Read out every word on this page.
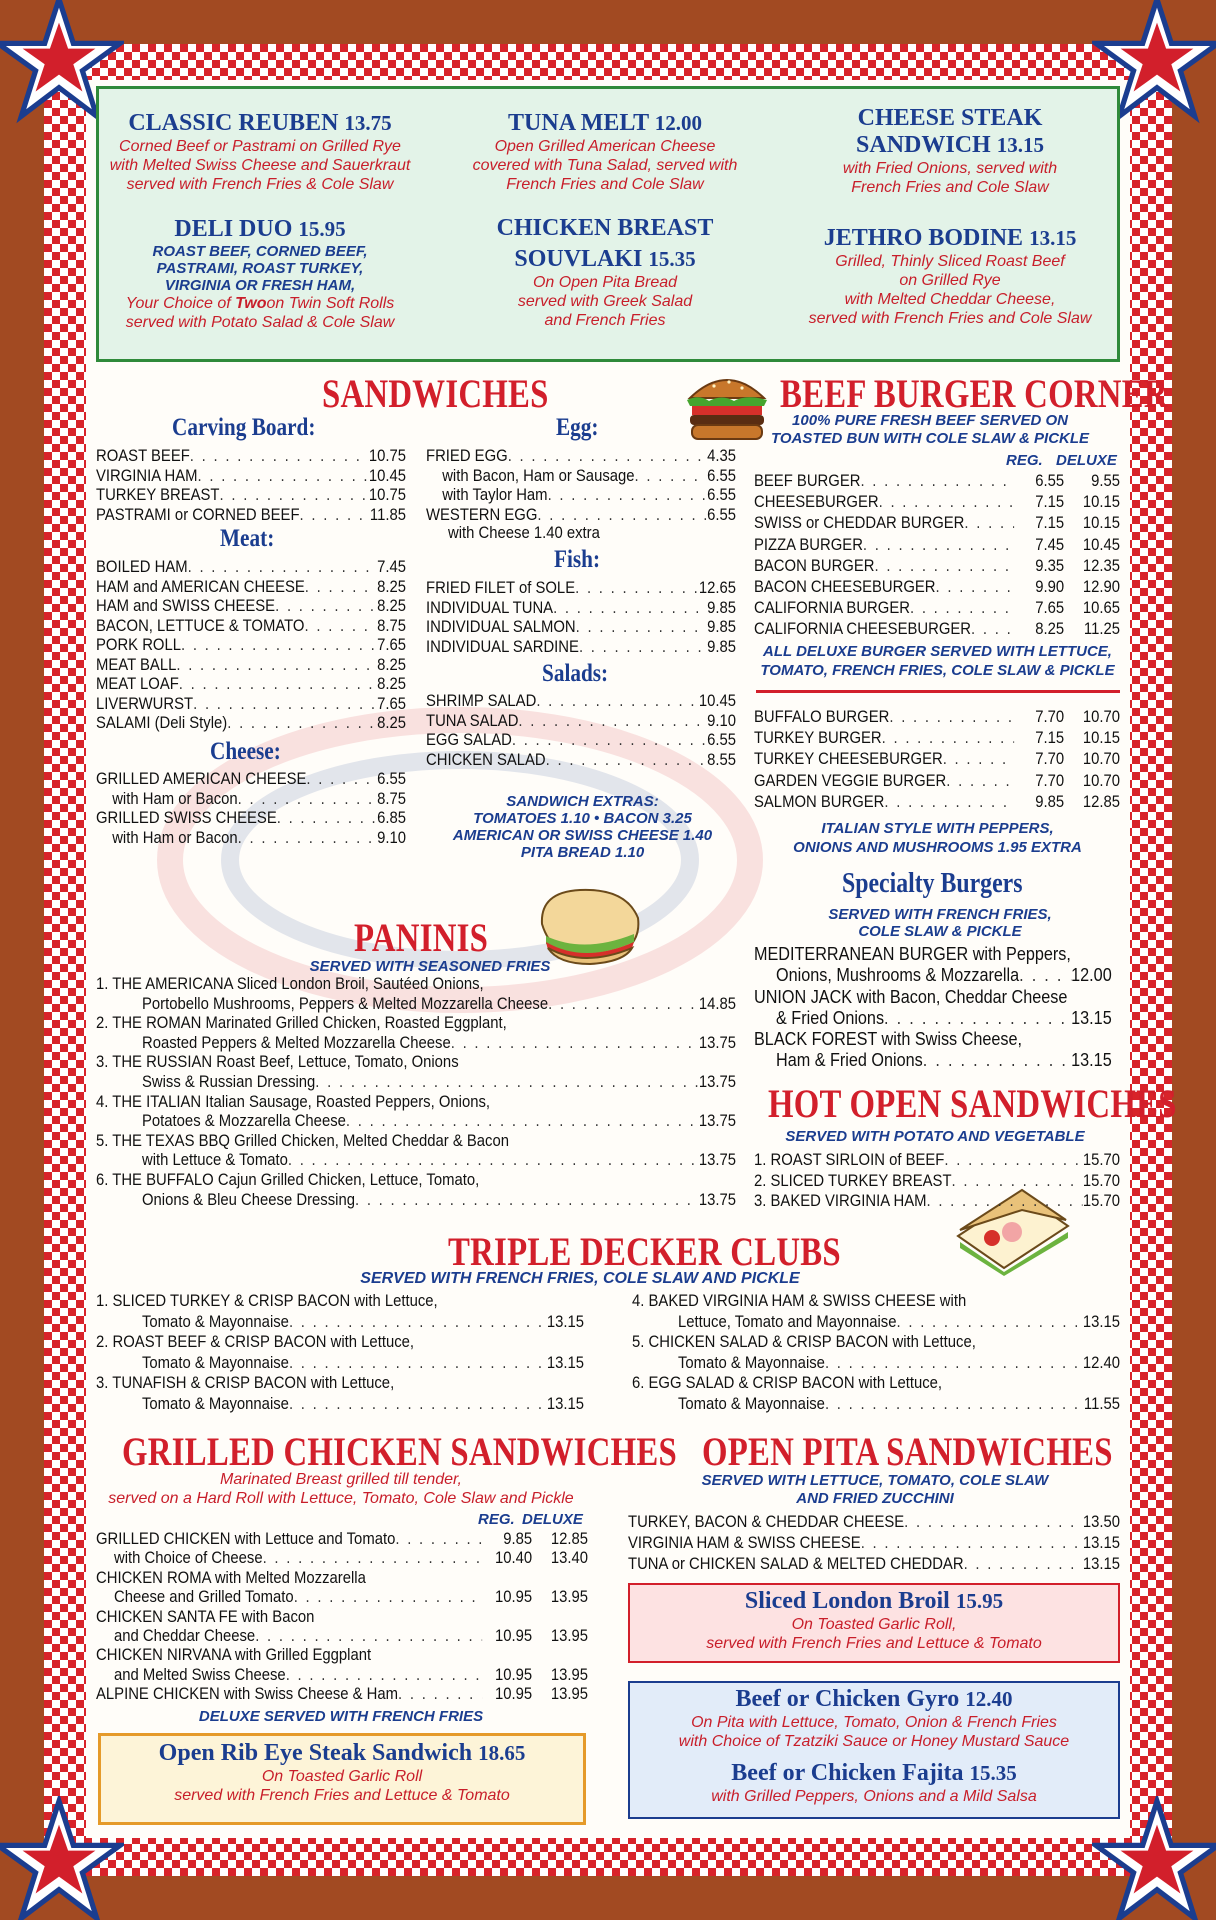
CLASSIC REUBEN 13.75
Corned Beef or Pastrami on Grilled Rye
with Melted Swiss Cheese and Sauerkraut
served with French Fries & Cole Slaw
TUNA MELT 12.00
Open Grilled American Cheese
covered with Tuna Salad, served with
French Fries and Cole Slaw
CHEESE STEAK
SANDWICH 13.15
with Fried Onions, served with
French Fries and Cole Slaw
DELI DUO 15.95
ROAST BEEF, CORNED BEEF,
PASTRAMI, ROAST TURKEY,
VIRGINIA OR FRESH HAM,
Your Choice of Twoon Twin Soft Rolls
served with Potato Salad & Cole Slaw
CHICKEN BREAST
SOUVLAKI 15.35
On Open Pita Bread
served with Greek Salad
and French Fries
JETHRO BODINE 13.15
Grilled, Thinly Sliced Roast Beef
on Grilled Rye
with Melted Cheddar Cheese,
served with French Fries and Cole Slaw
SANDWICHES
Carving Board:
Meat:
Cheese:
Egg:
with Cheese 1.40 extra
Fish:
Salads:
SANDWICH EXTRAS:
TOMATOES 1.10 • BACON 3.25
AMERICAN OR SWISS CHEESE 1.40
PITA BREAD 1.10
BEEF BURGER CORNER
100% PURE FRESH BEEF SERVED ON
TOASTED BUN WITH COLE SLAW & PICKLE
REG. DELUXE
ALL DELUXE BURGER SERVED WITH LETTUCE,
TOMATO, FRENCH FRIES, COLE SLAW & PICKLE
ITALIAN STYLE WITH PEPPERS,
ONIONS AND MUSHROOMS 1.95 EXTRA
Specialty Burgers
SERVED WITH FRENCH FRIES,
COLE SLAW & PICKLE
MEDITERRANEAN BURGER with Peppers,
Onions, Mushrooms & Mozzarella . . .	12.00
UNION JACK with Bacon, Cheddar Cheese
& Fried Onions . . .	13.15
BLACK FOREST with Swiss Cheese,
Ham & Fried Onions . . .	13.15
PANINIS
SERVED WITH SEASONED FRIES
HOT OPEN SANDWICHES
SERVED WITH POTATO AND VEGETABLE
TRIPLE DECKER CLUBS
SERVED WITH FRENCH FRIES, COLE SLAW AND PICKLE
GRILLED CHICKEN SANDWICHES
Marinated Breast grilled till tender,
served on a Hard Roll with Lettuce, Tomato, Cole Slaw and Pickle
REG. DELUXE
DELUXE SERVED WITH FRENCH FRIES
Open Rib Eye Steak Sandwich 18.65
On Toasted Garlic Roll
served with French Fries and Lettuce & Tomato
OPEN PITA SANDWICHES
SERVED WITH LETTUCE, TOMATO, COLE SLAW
AND FRIED ZUCCHINI
Sliced London Broil 15.95
On Toasted Garlic Roll,
served with French Fries and Lettuce & Tomato
Beef or Chicken Gyro 12.40
On Pita with Lettuce, Tomato, Onion & French Fries
with Choice of Tzatziki Sauce or Honey Mustard Sauce
Beef or Chicken Fajita 15.35
with Grilled Peppers, Onions and a Mild Salsa
ROAST BEEF . . .	10.75
VIRGINIA HAM . . .	10.45
TURKEY BREAST . . .	10.75
PASTRAMI or CORNED BEEF . . .	11.85
BOILED HAM . . .	7.45
HAM and AMERICAN CHEESE . . .	8.25
HAM and SWISS CHEESE . . .	8.25
BACON, LETTUCE & TOMATO . . .	8.75
PORK ROLL . . .	7.65
MEAT BALL . . .	8.25
MEAT LOAF . . .	8.25
LIVERWURST . . .	7.65
SALAMI (Deli Style) . . .	8.25
GRILLED AMERICAN CHEESE . . .	6.55
with Ham or Bacon . . .	8.75
GRILLED SWISS CHEESE . . .	6.85
with Ham or Bacon . . .	9.10
FRIED EGG . . .	4.35
with Bacon, Ham or Sausage . . .	6.55
with Taylor Ham . . .	6.55
WESTERN EGG . . .	6.55
FRIED FILET of SOLE . . .	12.65
INDIVIDUAL TUNA . . .	9.85
INDIVIDUAL SALMON . . .	9.85
INDIVIDUAL SARDINE . . .	9.85
SHRIMP SALAD . . .	10.45
TUNA SALAD . . .	9.10
EGG SALAD . . .	6.55
CHICKEN SALAD . . .	8.55
BEEF BURGER . . .	6.55	9.55
CHEESEBURGER . . .	7.15	10.15
SWISS or CHEDDAR BURGER . . .	7.15	10.15
PIZZA BURGER . . .	7.45	10.45
BACON BURGER . . .	9.35	12.35
BACON CHEESEBURGER . . .	9.90	12.90
CALIFORNIA BURGER . . .	7.65	10.65
CALIFORNIA CHEESEBURGER . . .	8.25	11.25
BUFFALO BURGER . . .	7.70	10.70
TURKEY BURGER . . .	7.15	10.15
TURKEY CHEESEBURGER . . .	7.70	10.70
GARDEN VEGGIE BURGER . . .	7.70	10.70
SALMON BURGER . . .	9.85	12.85
1. THE AMERICANA Sliced London Broil, Sautéed Onions,
Portobello Mushrooms, Peppers & Melted Mozzarella Cheese . . .	14.85
2. THE ROMAN Marinated Grilled Chicken, Roasted Eggplant,
Roasted Peppers & Melted Mozzarella Cheese . . .	13.75
3. THE RUSSIAN Roast Beef, Lettuce, Tomato, Onions
Swiss & Russian Dressing . . .	13.75
4. THE ITALIAN Italian Sausage, Roasted Peppers, Onions,
Potatoes & Mozzarella Cheese . . .	13.75
5. THE TEXAS BBQ Grilled Chicken, Melted Cheddar & Bacon
with Lettuce & Tomato . . .	13.75
6. THE BUFFALO Cajun Grilled Chicken, Lettuce, Tomato,
Onions & Bleu Cheese Dressing . . .	13.75
1. ROAST SIRLOIN of BEEF . . .	15.70
2. SLICED TURKEY BREAST . . .	15.70
3. BAKED VIRGINIA HAM . . .	15.70
1. SLICED TURKEY & CRISP BACON with Lettuce,
Tomato & Mayonnaise . . .	13.15
2. ROAST BEEF & CRISP BACON with Lettuce,
Tomato & Mayonnaise . . .	13.15
3. TUNAFISH & CRISP BACON with Lettuce,
Tomato & Mayonnaise . . .	13.15
4. BAKED VIRGINIA HAM & SWISS CHEESE with
Lettuce, Tomato and Mayonnaise . . .	13.15
5. CHICKEN SALAD & CRISP BACON with Lettuce,
Tomato & Mayonnaise . . .	12.40
6. EGG SALAD & CRISP BACON with Lettuce,
Tomato & Mayonnaise . . .	11.55
TURKEY, BACON & CHEDDAR CHEESE . . .	13.50
VIRGINIA HAM & SWISS CHEESE . . .	13.15
TUNA or CHICKEN SALAD & MELTED CHEDDAR . . .	13.15
GRILLED CHICKEN with Lettuce and Tomato . . .	9.85	12.85
with Choice of Cheese . . .	10.40	13.40
CHICKEN ROMA with Melted Mozzarella
Cheese and Grilled Tomato . . .	10.95	13.95
CHICKEN SANTA FE with Bacon
and Cheddar Cheese . . .	10.95	13.95
CHICKEN NIRVANA with Grilled Eggplant
and Melted Swiss Cheese . . .	10.95	13.95
ALPINE CHICKEN with Swiss Cheese & Ham . . .	10.95	13.95
